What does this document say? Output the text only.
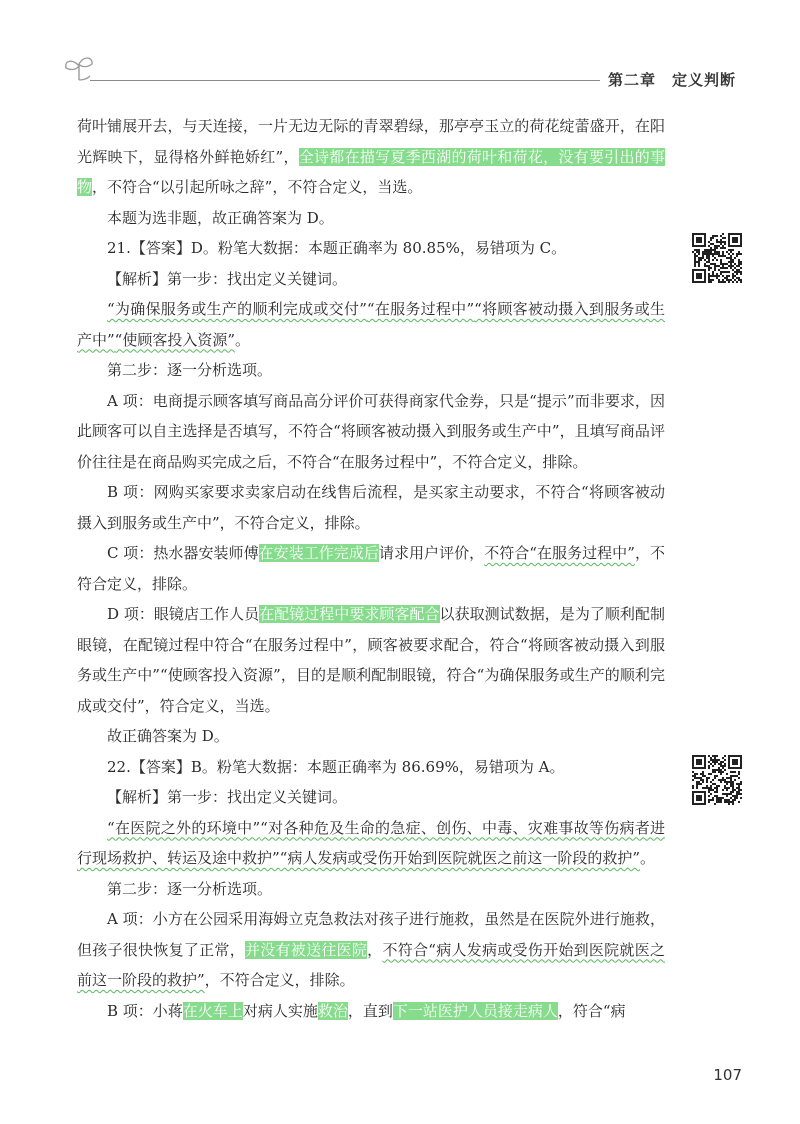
第二章 定义判断

荷叶铺展开去，与天连接，一片无边无际的青翠碧绿，那亭亭玉立的荷花绽蕾盛开，在阳光辉映下，显得格外鲜艳娇红”，全诗都在描写夏季西湖的荷叶和荷花，没有要引出的事物，不符合“以引起所咏之辞”，不符合定义，当选。

本题为选非题，故正确答案为 D。

21.【答案】D。粉笔大数据：本题正确率为 80.85%，易错项为 C。

【解析】第一步：找出定义关键词。

“为确保服务或生产的顺利完成或交付”“在服务过程中”“将顾客被动摄入到服务或生产中”“使顾客投入资源”。

第二步：逐一分析选项。

A 项：电商提示顾客填写商品高分评价可获得商家代金券，只是“提示”而非要求，因此顾客可以自主选择是否填写，不符合“将顾客被动摄入到服务或生产中”，且填写商品评价往往是在商品购买完成之后，不符合“在服务过程中”，不符合定义，排除。

B 项：网购买家要求卖家启动在线售后流程，是买家主动要求，不符合“将顾客被动摄入到服务或生产中”，不符合定义，排除。

C 项：热水器安装师傅在安装工作完成后请求用户评价，不符合“在服务过程中”，不符合定义，排除。

D 项：眼镜店工作人员在配镜过程中要求顾客配合以获取测试数据，是为了顺利配制眼镜，在配镜过程中符合“在服务过程中”，顾客被要求配合，符合“将顾客被动摄入到服务或生产中”“使顾客投入资源”，目的是顺利配制眼镜，符合“为确保服务或生产的顺利完成或交付”，符合定义，当选。

故正确答案为 D。

22.【答案】B。粉笔大数据：本题正确率为 86.69%，易错项为 A。

【解析】第一步：找出定义关键词。

“在医院之外的环境中”“对各种危及生命的急症、创伤、中毒、灾难事故等伤病者进行现场救护、转运及途中救护”“病人发病或受伤开始到医院就医之前这一阶段的救护”。

第二步：逐一分析选项。

A 项：小方在公园采用海姆立克急救法对孩子进行施救，虽然是在医院外进行施救，但孩子很快恢复了正常，并没有被送往医院，不符合“病人发病或受伤开始到医院就医之前这一阶段的救护”，不符合定义，排除。

B 项：小蒋在火车上对病人实施救治，直到下一站医护人员接走病人，符合“病

107
